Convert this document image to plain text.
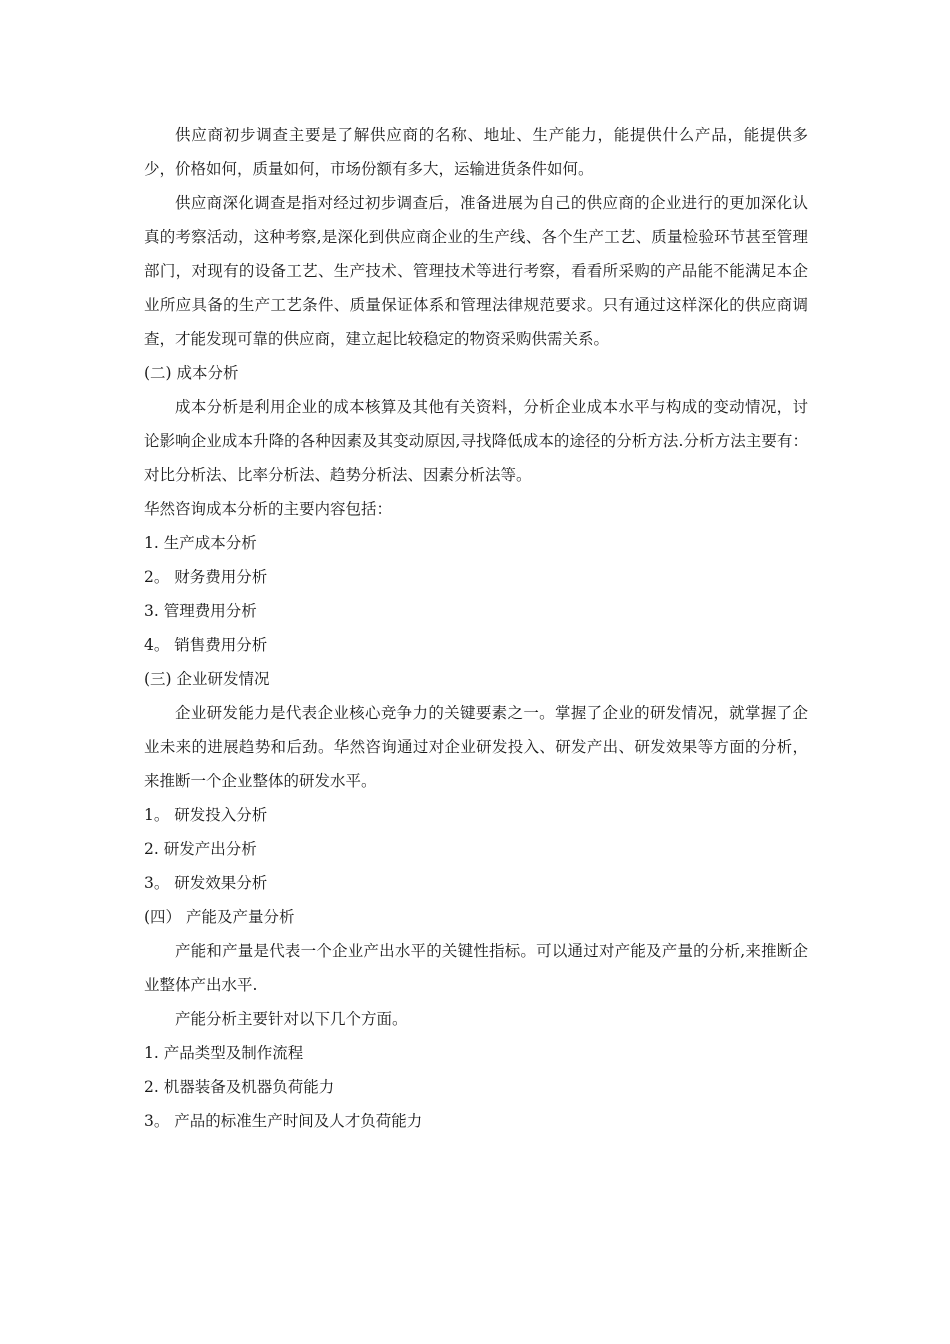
供应商初步调查主要是了解供应商的名称、地址、生产能力，能提供什么产品，能提供多少，价格如何，质量如何，市场份额有多大，运输进货条件如何。

供应商深化调查是指对经过初步调查后，准备进展为自己的供应商的企业进行的更加深化认真的考察活动，这种考察,是深化到供应商企业的生产线、各个生产工艺、质量检验环节甚至管理部门，对现有的设备工艺、生产技术、管理技术等进行考察，看看所采购的产品能不能满足本企业所应具备的生产工艺条件、质量保证体系和管理法律规范要求。只有通过这样深化的供应商调查，才能发现可靠的供应商，建立起比较稳定的物资采购供需关系。

(二) 成本分析

成本分析是利用企业的成本核算及其他有关资料，分析企业成本水平与构成的变动情况，讨论影响企业成本升降的各种因素及其变动原因,寻找降低成本的途径的分析方法.分析方法主要有：对比分析法、比率分析法、趋势分析法、因素分析法等。

华然咨询成本分析的主要内容包括：

1. 生产成本分析

2。 财务费用分析

3. 管理费用分析

4。 销售费用分析

(三) 企业研发情况

企业研发能力是代表企业核心竞争力的关键要素之一。掌握了企业的研发情况，就掌握了企业未来的进展趋势和后劲。华然咨询通过对企业研发投入、研发产出、研发效果等方面的分析，来推断一个企业整体的研发水平。

1。 研发投入分析

2. 研发产出分析

3。 研发效果分析

(四） 产能及产量分析

产能和产量是代表一个企业产出水平的关键性指标。可以通过对产能及产量的分析,来推断企业整体产出水平.

产能分析主要针对以下几个方面。

1. 产品类型及制作流程

2. 机器装备及机器负荷能力

3。 产品的标准生产时间及人才负荷能力
